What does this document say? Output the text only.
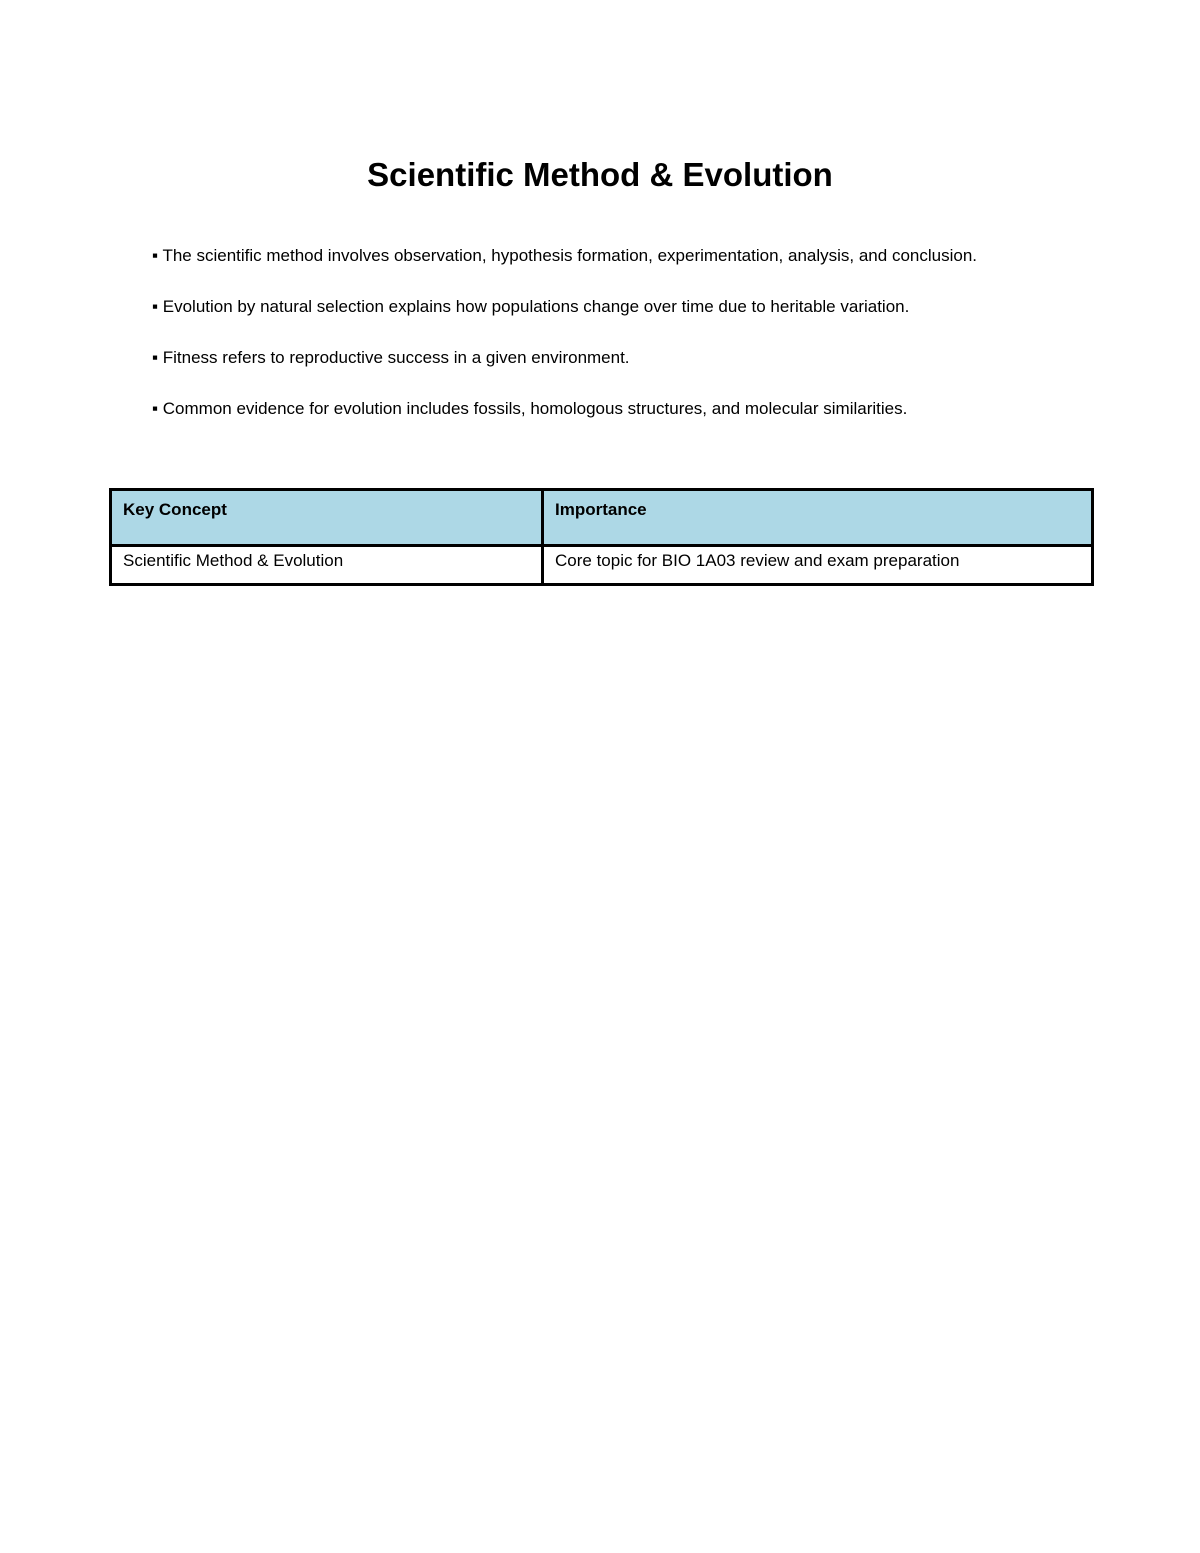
Scientific Method & Evolution
▪ The scientific method involves observation, hypothesis formation, experimentation, analysis, and conclusion.
▪ Evolution by natural selection explains how populations change over time due to heritable variation.
▪ Fitness refers to reproductive success in a given environment.
▪ Common evidence for evolution includes fossils, homologous structures, and molecular similarities.
Key Concept	Importance
Scientific Method & Evolution	Core topic for BIO 1A03 review and exam preparation
